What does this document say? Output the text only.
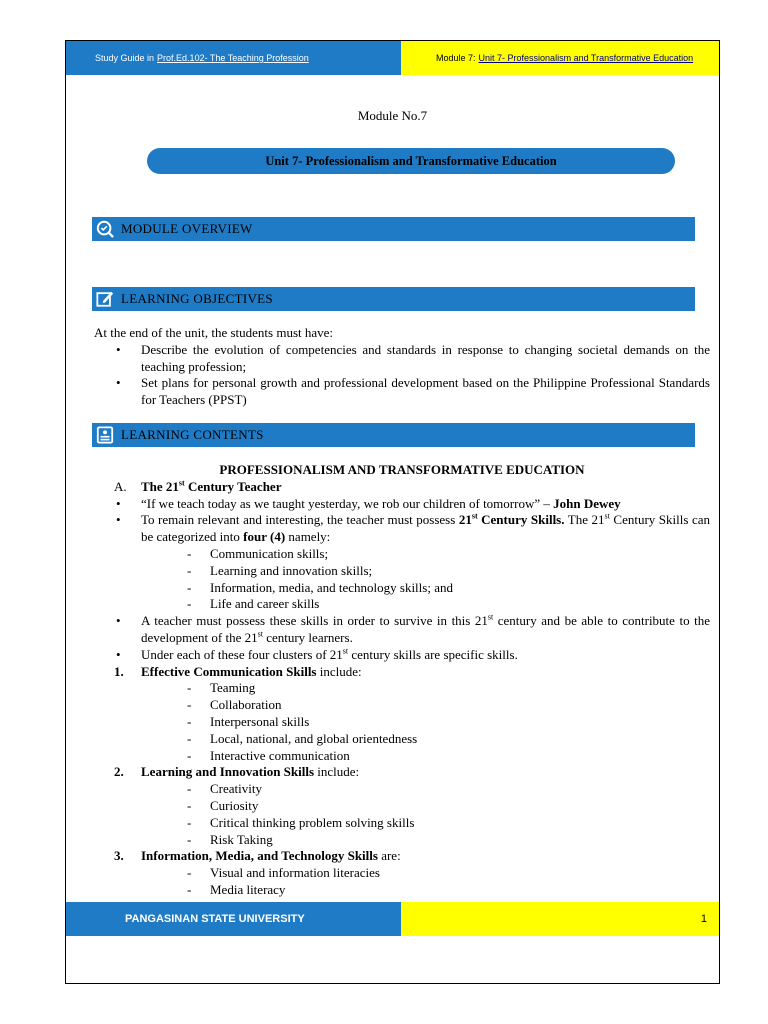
Study Guide in Prof.Ed.102- The Teaching Profession	Module 7: Unit 7- Professionalism and Transformative Education
Module No.7
Unit 7- Professionalism and Transformative Education
MODULE OVERVIEW
LEARNING OBJECTIVES
At the end of the unit, the students must have:
• Describe the evolution of competencies and standards in response to changing societal demands on the teaching profession;
• Set plans for personal growth and professional development based on the Philippine Professional Standards for Teachers (PPST)
LEARNING CONTENTS
PROFESSIONALISM AND TRANSFORMATIVE EDUCATION
A. The 21st Century Teacher
• “If we teach today as we taught yesterday, we rob our children of tomorrow” – John Dewey
• To remain relevant and interesting, the teacher must possess 21st Century Skills. The 21st Century Skills can be categorized into four (4) namely:
- Communication skills;
- Learning and innovation skills;
- Information, media, and technology skills; and
- Life and career skills
• A teacher must possess these skills in order to survive in this 21st century and be able to contribute to the development of the 21st century learners.
• Under each of these four clusters of 21st century skills are specific skills.
1. Effective Communication Skills include:
- Teaming
- Collaboration
- Interpersonal skills
- Local, national, and global orientedness
- Interactive communication
2. Learning and Innovation Skills include:
- Creativity
- Curiosity
- Critical thinking problem solving skills
- Risk Taking
3. Information, Media, and Technology Skills are:
- Visual and information literacies
- Media literacy
PANGASINAN STATE UNIVERSITY	1
